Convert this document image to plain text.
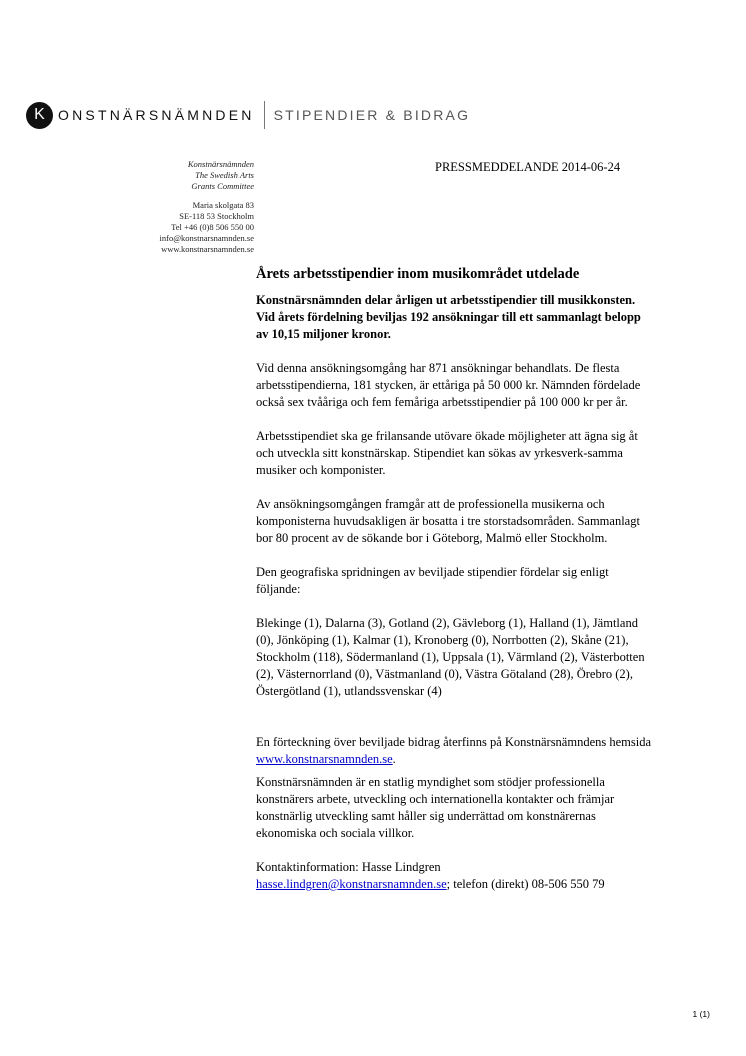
K ONSTNÄRSNÄMNDEN STIPENDIER & BIDRAG
Konstnärsnämnden
The Swedish Arts
Grants Committee
Maria skolgata 83
SE-118 53 Stockholm
Tel +46 (0)8 506 550 00
info@konstnarsnamnden.se
www.konstnarsnamnden.se
PRESSMEDDELANDE 2014-06-24
Årets arbetsstipendier inom musikområdet utdelade

Konstnärsnämnden delar årligen ut arbetsstipendier till musikkonsten. Vid årets fördelning beviljas 192 ansökningar till ett sammanlagt belopp av 10,15 miljoner kronor.

Vid denna ansökningsomgång har 871 ansökningar behandlats. De flesta arbetsstipendierna, 181 stycken, är ettåriga på 50 000 kr. Nämnden fördelade också sex tvååriga och fem femåriga arbetsstipendier på 100 000 kr per år.

Arbetsstipendiet ska ge frilansande utövare ökade möjligheter att ägna sig åt och utveckla sitt konstnärskap. Stipendiet kan sökas av yrkesverk-samma musiker och komponister.

Av ansökningsomgången framgår att de professionella musikerna och komponisterna huvudsakligen är bosatta i tre storstadsområden. Sammanlagt bor 80 procent av de sökande bor i Göteborg, Malmö eller Stockholm.

Den geografiska spridningen av beviljade stipendier fördelar sig enligt följande:

Blekinge (1), Dalarna (3), Gotland (2), Gävleborg (1), Halland (1), Jämtland (0), Jönköping (1), Kalmar (1), Kronoberg (0), Norrbotten (2), Skåne (21), Stockholm (118), Södermanland (1), Uppsala (1), Värmland (2), Västerbotten (2), Västernorrland (0), Västmanland (0), Västra Götaland (28), Örebro (2), Östergötland (1), utlandssvenskar (4)

En förteckning över beviljade bidrag återfinns på Konstnärsnämndens hemsida www.konstnarsnamnden.se.

Konstnärsnämnden är en statlig myndighet som stödjer professionella konstnärers arbete, utveckling och internationella kontakter och främjar konstnärlig utveckling samt håller sig underrättad om konstnärernas ekonomiska och sociala villkor.

Kontaktinformation: Hasse Lindgren
hasse.lindgren@konstnarsnamnden.se; telefon (direkt) 08-506 550 79

1 (1)
